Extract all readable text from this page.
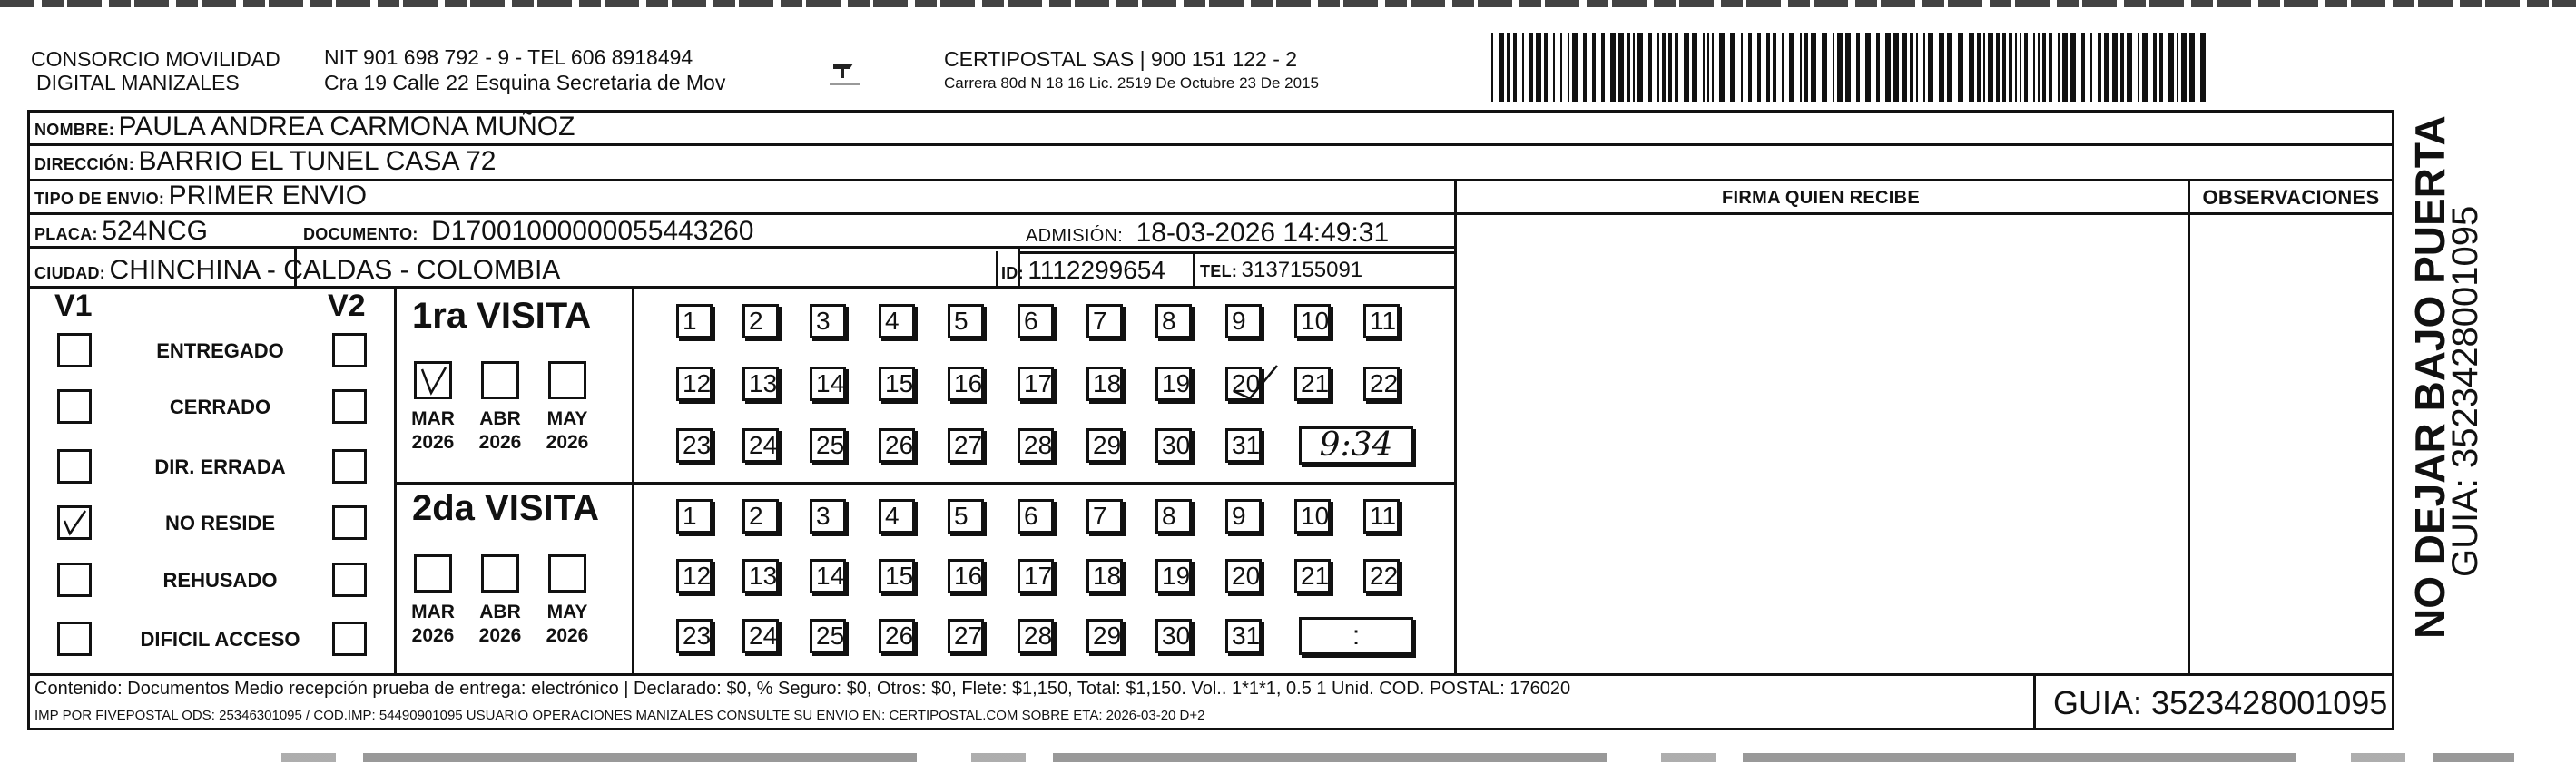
CONSORCIO MOVILIDAD
DIGITAL MANIZALES
NIT 901 698 792 - 9 - TEL 606 8918494
Cra 19 Calle 22 Esquina Secretaria de Mov
CERTIPOSTAL SAS | 900 151 122 - 2
Carrera 80d N 18 16 Lic. 2519 De Octubre 23 De 2015
NOMBRE: PAULA ANDREA CARMONA MUÑOZ
DIRECCIÓN: BARRIO EL TUNEL CASA 72
TIPO DE ENVIO: PRIMER ENVIO
PLACA: 524NCG	DOCUMENTO: D17001000000055443260	ADMISIÓN: 18-03-2026 14:49:31
CIUDAD: CHINCHINA - CALDAS - COLOMBIA	ID: 1112299654 TEL: 3137155091
FIRMA QUIEN RECIBE	OBSERVACIONES
V1	V2
ENTREGADO
CERRADO
DIR. ERRADA
NO RESIDE
REHUSADO
DIFICIL ACCESO
1ra VISITA
2da VISITA
MAR
2026
ABR
2026
MAY
2026
1	2	3	4	5	6	7	8	9	10 11
12 13 14 15 16 17 18 19 20 21 22
23 24 25 26 27 28 29 30 31	9:34
MAR
2026
ABR
2026
MAY
2026
1	2	3	4	5	6	7	8	9	10 11
12 13 14 15 16 17 18 19 20 21 22
23 24 25 26 27 28 29 30 31	:
Contenido: Documentos Medio recepción prueba de entrega: electrónico | Declarado: $0, % Seguro: $0, Otros: $0, Flete: $1,150, Total: $1,150. Vol.. 1*1*1, 0.5 1 Unid. COD. POSTAL: 176020
IMP POR FIVEPOSTAL ODS: 25346301095 / COD.IMP: 54490901095 USUARIO OPERACIONES MANIZALES CONSULTE SU ENVIO EN: CERTIPOSTAL.COM SOBRE ETA: 2026-03-20 D+2	GUIA: 3523428001095
NO DEJAR BAJO PUERTA
GUIA: 3523428001095
